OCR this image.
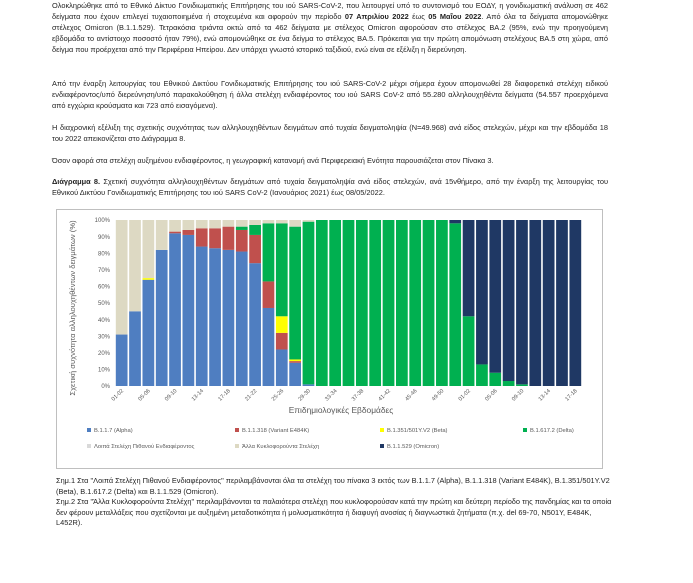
Ολοκληρώθηκε από το Εθνικό Δίκτυο Γονιδιωματικής Επιτήρησης του ιού SARS-CoV-2, που λειτουργεί υπό το συντονισμό του ΕΟΔΥ, η γονιδιωματική ανάλυση σε 462 δείγματα που έχουν επιλεγεί τυχαιοποιημένα ή στοχευμένα και αφορούν την περίοδο 07 Απριλίου 2022 έως 05 Μαΐου 2022. Από όλα τα δείγματα απομονώθηκε στέλεχος Omicron (B.1.1.529). Τετρακόσια τριάντα οκτώ από τα 462 δείγματα με στέλεχος Omicron αφορούσαν στο στέλεχος BA.2 (95%, ενώ την προηγούμενη εβδομάδα το αντίστοιχο ποσοστό ήταν 79%), ενώ απομονώθηκε σε ένα δείγμα το στέλεχος BA.5. Πρόκειται για την πρώτη απομόνωση στελέχους BA.5 στη χώρα, από δείγμα που προέρχεται από την Περιφέρεια Ηπείρου. Δεν υπάρχει γνωστό ιστορικό ταξιδιού, ενώ είναι σε εξέλιξη η διερεύνηση.
Από την έναρξη λειτουργίας του Εθνικού Δικτύου Γονιδιωματικής Επιτήρησης του ιού SARS-CoV-2 μέχρι σήμερα έχουν απομονωθεί 28 διαφορετικά στελέχη ειδικού ενδιαφέροντος/υπό διερεύνηση/υπό παρακολούθηση ή άλλα στελέχη ενδιαφέροντος του ιού SARS CoV-2 από 55.280 αλληλουχηθέντα δείγματα (54.557 προερχόμενα από εγχώρια κρούσματα και 723 από εισαγόμενα).
Η διαχρονική εξέλιξη της σχετικής συχνότητας των αλληλουχηθέντων δειγμάτων από τυχαία δειγματοληψία (N=49.968) ανά είδος στελεχών, μέχρι και την εβδομάδα 18 του 2022 απεικονίζεται στο Διάγραμμα 8.
Όσον αφορά στα στελέχη αυξημένου ενδιαφέροντος, η γεωγραφική κατανομή ανά Περιφερειακή Ενότητα παρουσιάζεται στον Πίνακα 3.
Διάγραμμα 8. Σχετική συχνότητα αλληλουχηθέντων δειγμάτων από τυχαία δειγματοληψία ανά είδος στελεχών, ανά 15νθήμερο, από την έναρξη της λειτουργίας του Εθνικού Δικτύου Γονιδιωματικής Επιτήρησης του ιού SARS CoV-2 (Ιανουάριος 2021) έως 08/05/2022.
Σχετική συχνότητα αλληλουχηθέντων δειγμάτων (%)	0%
10%
20%
30%
40%
50%
60%
70%
80%
90%
100%
01-02 05-06 09-10 13-14 17-18 21-22 25-26 29-30 33-34 37-38 41-42 45-46 49-50 01-02 05-06 09-10 13-14 17-18
Επιδημιολογικές Εβδομάδες
B.1.1.7 (Alpha)	B.1.1.318 (Variant E484K)	B.1.351/501Y.V2 (Beta)	B.1.617.2 (Delta)
Λοιπά Στελέχη Πιθανού Ενδιαφέροντος	Άλλα Κυκλοφορούντα Στελέχη	B.1.1.529 (Omicron)
Σημ.1 Στα "Λοιπά Στελέχη Πιθανού Ενδιαφέροντος" περιλαμβάνονται όλα τα στελέχη του πίνακα 3 εκτός των B.1.1.7 (Alpha), B.1.1.318 (Variant E484K), B.1.351/501Y.V2 (Beta), B.1.617.2 (Delta) και B.1.1.529 (Omicron).
Σημ.2 Στα "Άλλα Κυκλοφορούντα Στελέχη" περιλαμβάνονται τα παλαιότερα στελέχη που κυκλοφορούσαν κατά την πρώτη και δεύτερη περίοδο της πανδημίας και τα οποία δεν φέρουν μεταλλάξεις που σχετίζονται με αυξημένη μεταδοτικότητα ή μολυσματικότητα ή διαφυγή ανοσίας ή διαγνωστικά ζητήματα (π.χ. del 69-70, N501Y, E484K, L452R).
